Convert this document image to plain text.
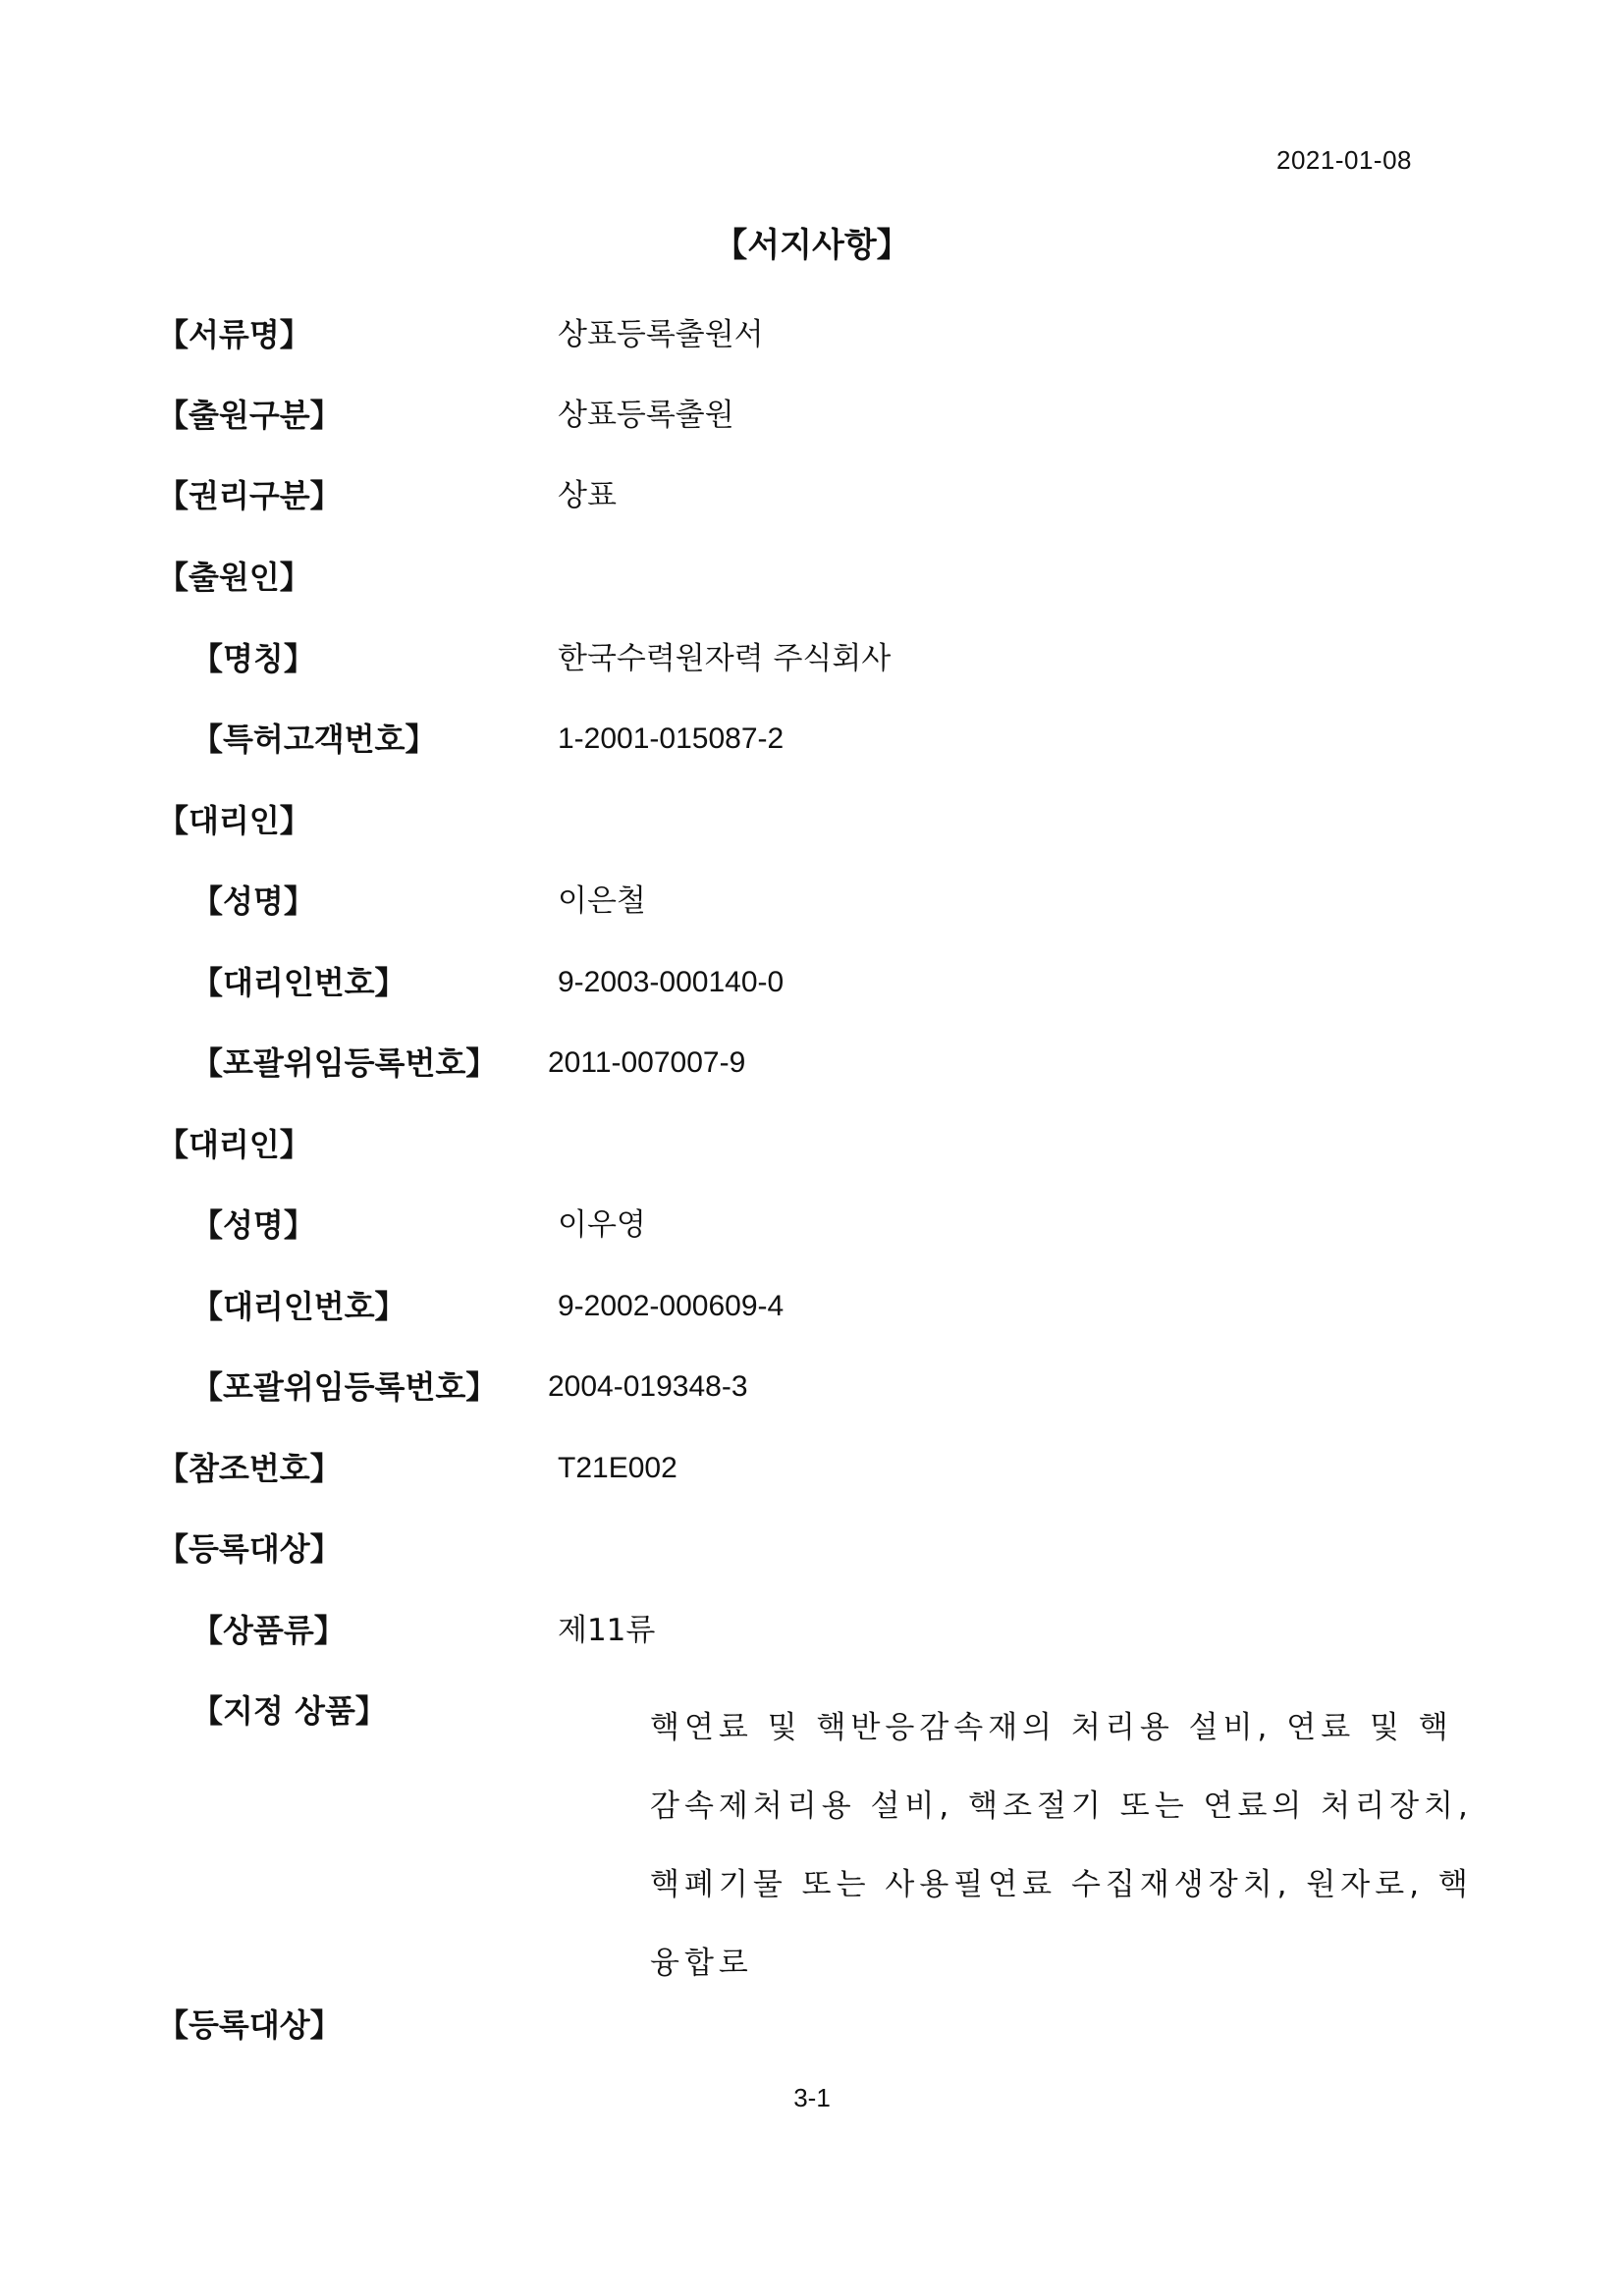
2021-01-08
【서지사항】
【서류명】	상표등록출원서
【출원구분】	상표등록출원
【권리구분】	상표
【출원인】
【명칭】	한국수력원자력 주식회사
【특허고객번호】	1-2001-015087-2
【대리인】
【성명】	이은철
【대리인번호】	9-2003-000140-0
【포괄위임등록번호】 2011-007007-9
【대리인】
【성명】	이우영
【대리인번호】	9-2002-000609-4
【포괄위임등록번호】 2004-019348-3
【참조번호】	T21E002
【등록대상】
【상품류】	제11류
【지정 상품】	핵연료 및 핵반응감속재의 처리용 설비, 연료 및 핵
감속제처리용 설비, 핵조절기 또는 연료의 처리장치,
핵폐기물 또는 사용필연료 수집재생장치, 원자로, 핵
융합로
【등록대상】
3-1
